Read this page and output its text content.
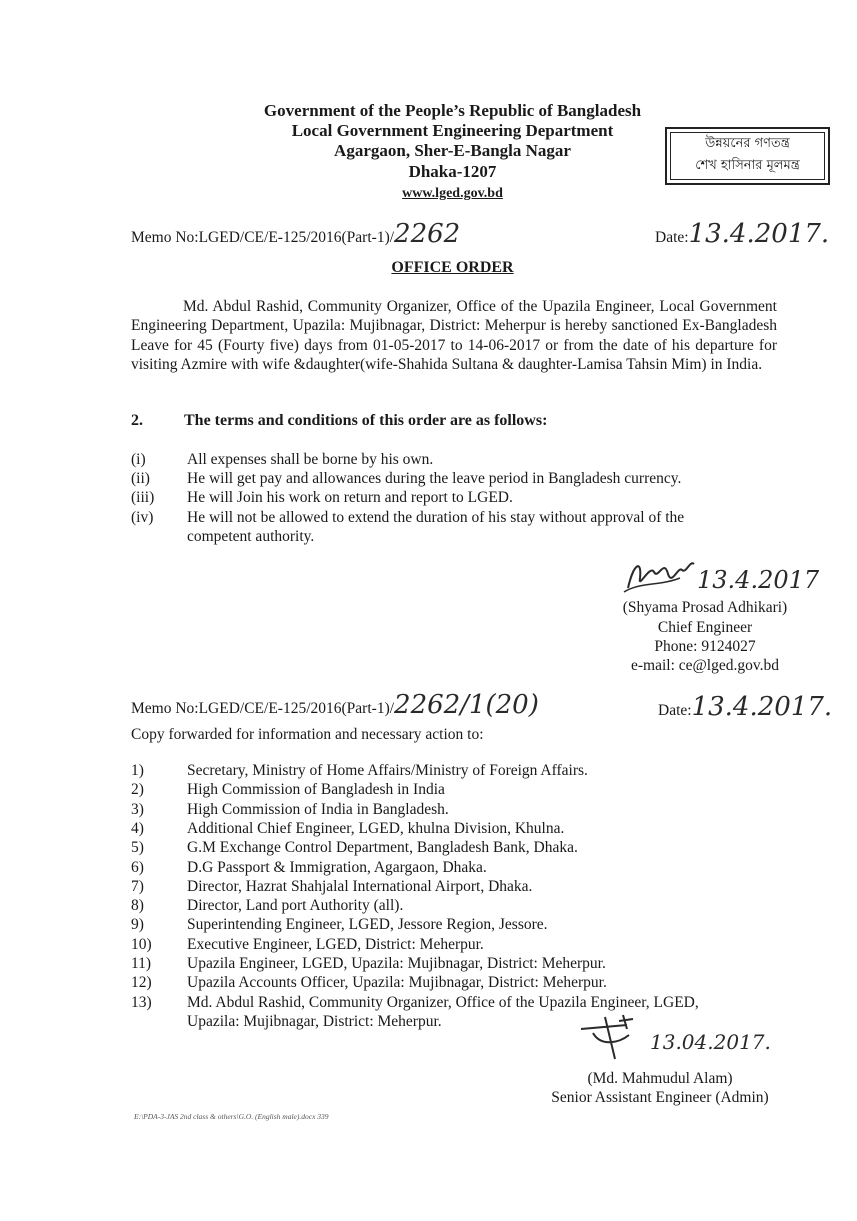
Government of the People’s Republic of Bangladesh
Local Government Engineering Department
Agargaon, Sher-E-Bangla Nagar
Dhaka-1207
www.lged.gov.bd
উন্নয়নের গণতন্ত্র
শেখ হাসিনার মূলমন্ত্র
Memo No:LGED/CE/E-125/2016(Part-1)/2262	Date:13.4.2017.
OFFICE ORDER
Md. Abdul Rashid, Community Organizer, Office of the Upazila Engineer, Local Government Engineering Department, Upazila: Mujibnagar, District: Meherpur is hereby sanctioned Ex-Bangladesh Leave for 45 (Fourty five) days from 01-05-2017 to 14-06-2017 or from the date of his departure for visiting Azmire with wife &daughter(wife-Shahida Sultana & daughter-Lamisa Tahsin Mim) in India.
2.	The terms and conditions of this order are as follows:
(i)	All expenses shall be borne by his own.
(ii) He will get pay and allowances during the leave period in Bangladesh currency.
(iii) He will Join his work on return and report to LGED.
(iv) He will not be allowed to extend the duration of his stay without approval of the
competent authority.
13.4.2017
(Shyama Prosad Adhikari)
Chief Engineer
Phone: 9124027
e-mail: ce@lged.gov.bd
Memo No:LGED/CE/E-125/2016(Part-1)/2262/1(20)	Date:13.4.2017.
Copy forwarded for information and necessary action to:
1)	Secretary, Ministry of Home Affairs/Ministry of Foreign Affairs.
2)	High Commission of Bangladesh in India
3)	High Commission of India in Bangladesh.
4)	Additional Chief Engineer, LGED, khulna Division, Khulna.
5)	G.M Exchange Control Department, Bangladesh Bank, Dhaka.
6)	D.G Passport & Immigration, Agargaon, Dhaka.
7)	Director, Hazrat Shahjalal International Airport, Dhaka.
8)	Director, Land port Authority (all).
9)	Superintending Engineer, LGED, Jessore Region, Jessore.
10) Executive Engineer, LGED, District: Meherpur.
11) Upazila Engineer, LGED, Upazila: Mujibnagar, District: Meherpur.
12) Upazila Accounts Officer, Upazila: Mujibnagar, District: Meherpur.
13) Md. Abdul Rashid, Community Organizer, Office of the Upazila Engineer, LGED,
Upazila: Mujibnagar, District: Meherpur.
13.04.2017.
(Md. Mahmudul Alam)
Senior Assistant Engineer (Admin)
E:\PDA-3-JAS 2nd class & others\G.O. (English male).docx 339
